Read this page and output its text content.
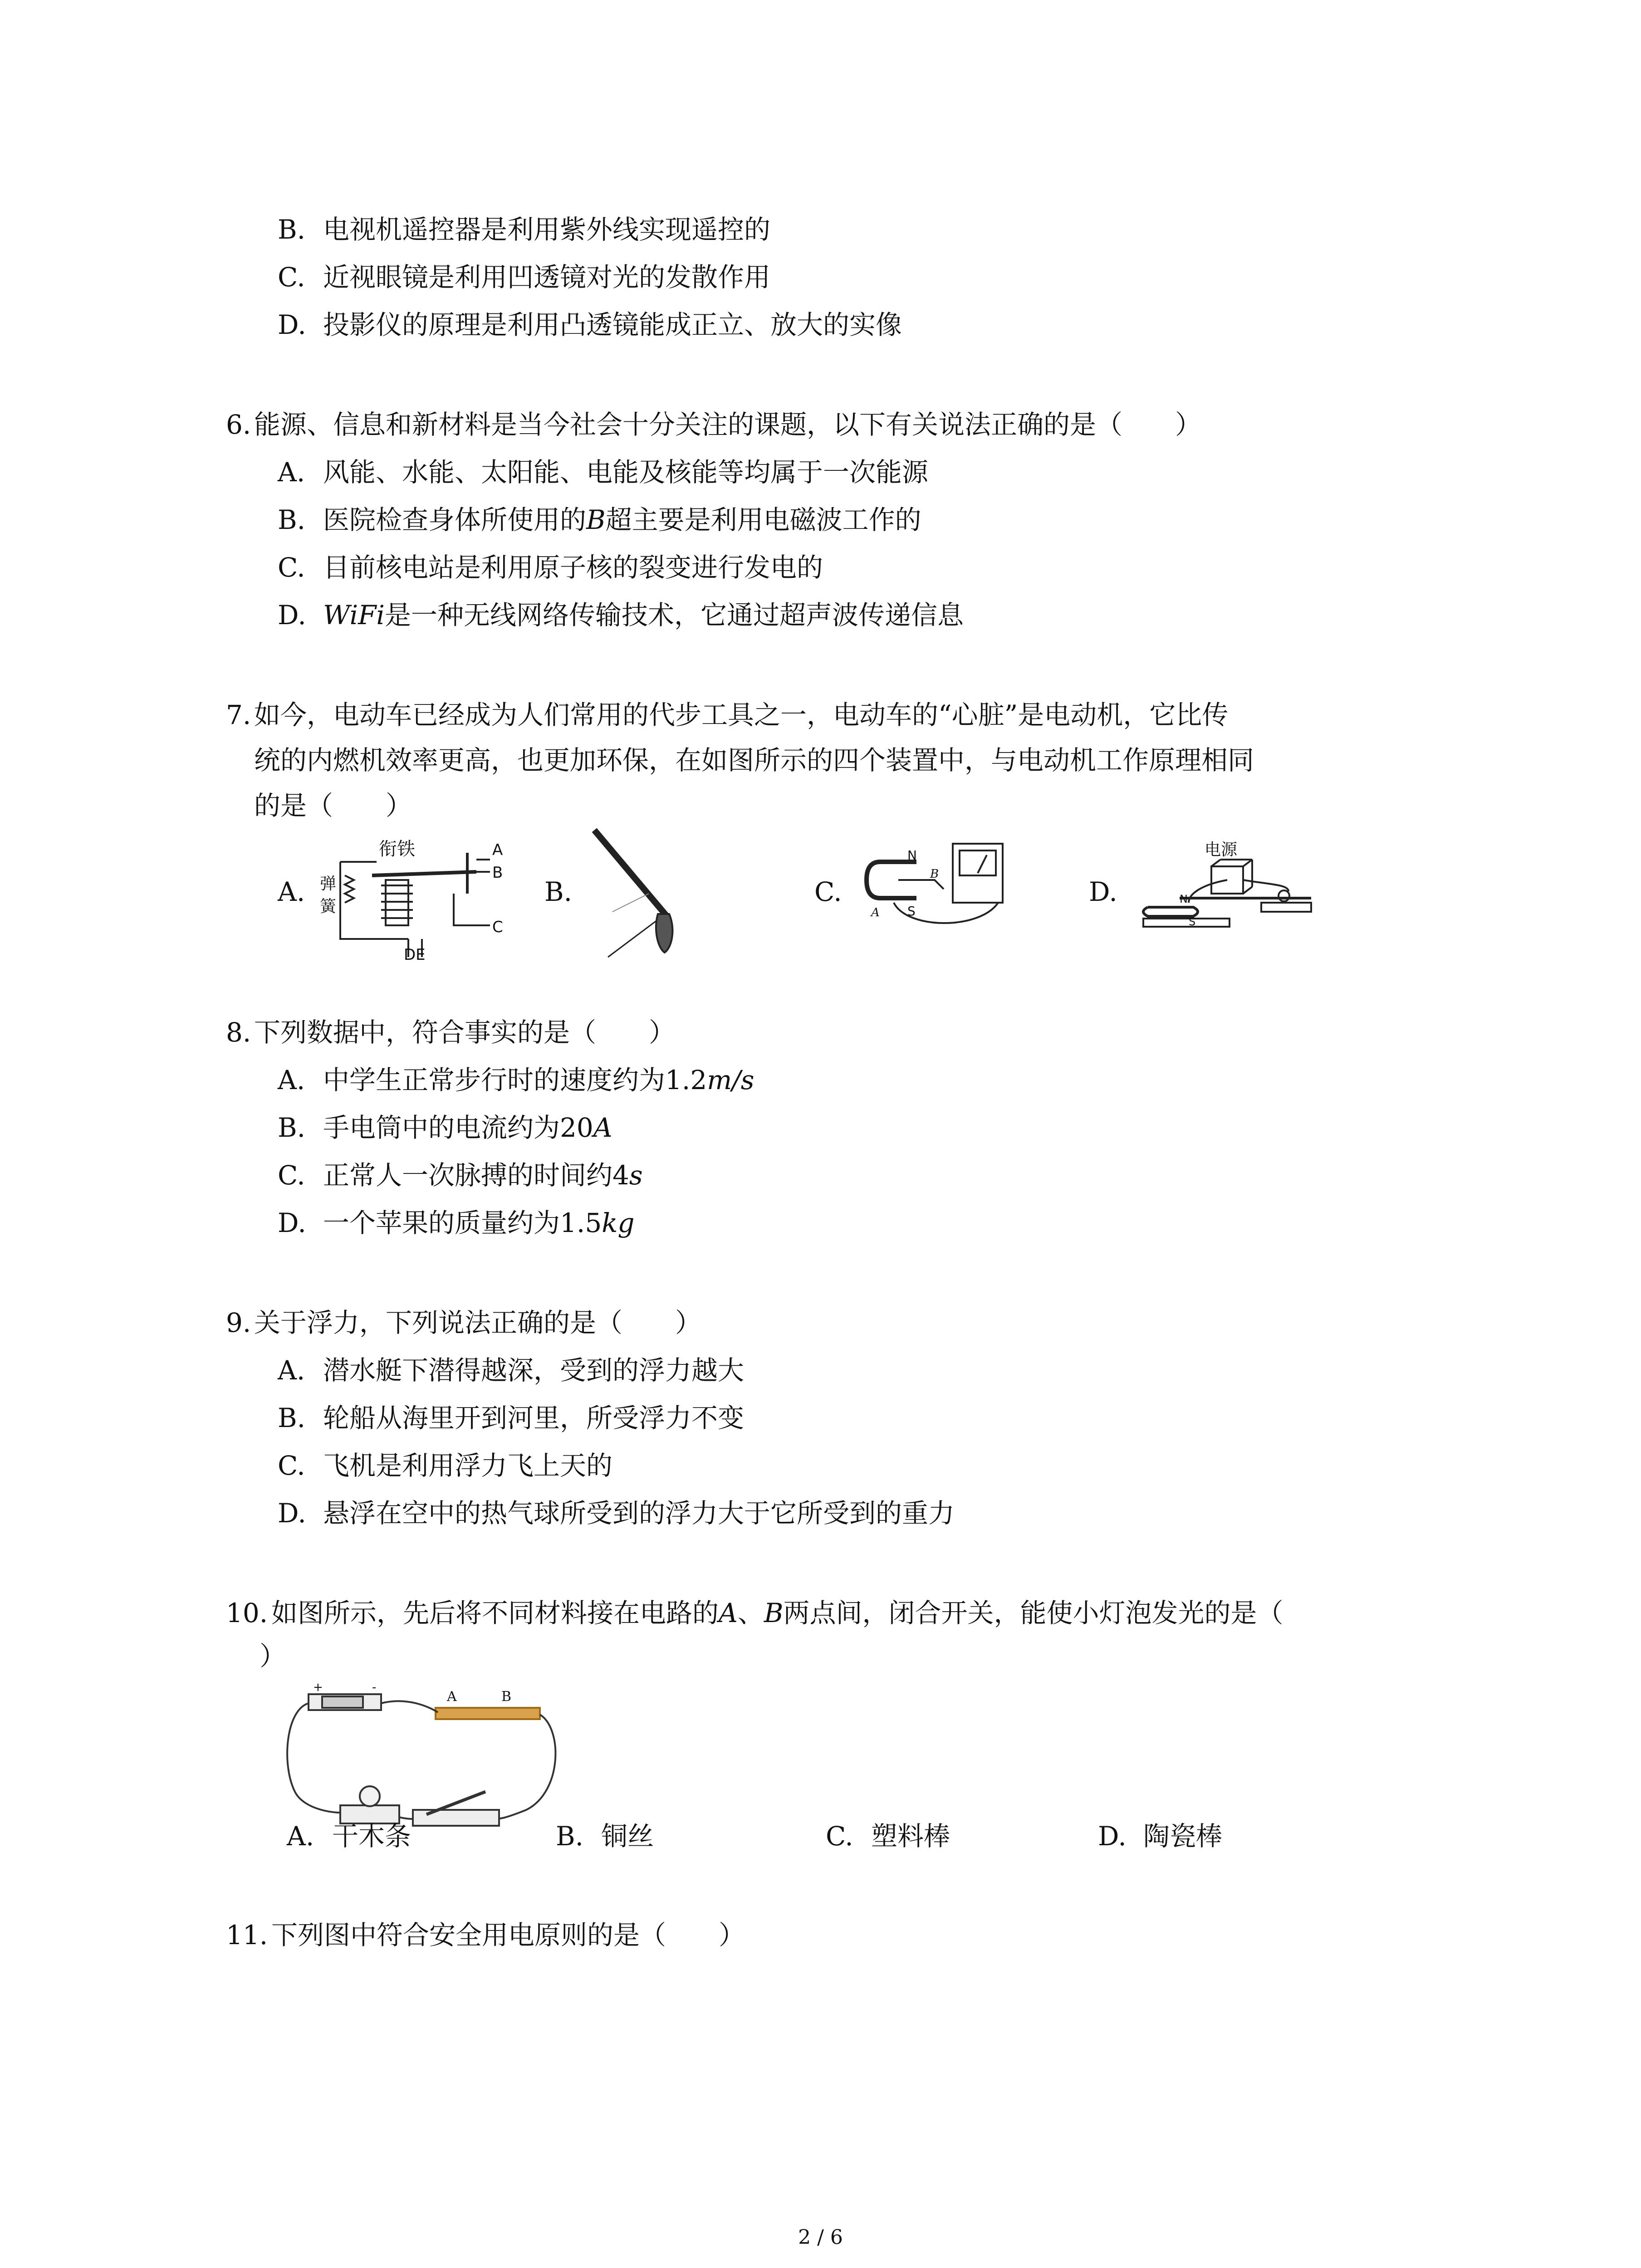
B. 电视机遥控器是利用紫外线实现遥控的
C. 近视眼镜是利用凹透镜对光的发散作用
D. 投影仪的原理是利用凸透镜能成正立、放大的实像
6. 能源、信息和新材料是当今社会十分关注的课题，以下有关说法正确的是（　　）
A. 风能、水能、太阳能、电能及核能等均属于一次能源
B. 医院检查身体所使用的B超主要是利用电磁波工作的
C. 目前核电站是利用原子核的裂变进行发电的
D. WiFi是一种无线网络传输技术，它通过超声波传递信息
7. 如今，电动车已经成为人们常用的代步工具之一，电动车的“心脏”是电动机，它比传
统的内燃机效率更高，也更加环保，在如图所示的四个装置中，与电动机工作原理相同
的是（　　）
A.
衔铁
弹
簧
A
B
C
DE
B.	C.
N
S
A
B
D.
电源
N
S
8. 下列数据中，符合事实的是（　　）
A. 中学生正常步行时的速度约为1.2m/s
B. 手电筒中的电流约为20A
C. 正常人一次脉搏的时间约4s
D. 一个苹果的质量约为1.5kg
9. 关于浮力，下列说法正确的是（　　）
A. 潜水艇下潜得越深，受到的浮力越大
B. 轮船从海里开到河里，所受浮力不变
C. 飞机是利用浮力飞上天的
D. 悬浮在空中的热气球所受到的浮力大于它所受到的重力
10. 如图所示，先后将不同材料接在电路的A、B两点间，闭合开关，能使小灯泡发光的是（
）
+	-
A	B
A. 干木条	B. 铜丝	C. 塑料棒	D. 陶瓷棒
11. 下列图中符合安全用电原则的是（　　）
2 / 6
